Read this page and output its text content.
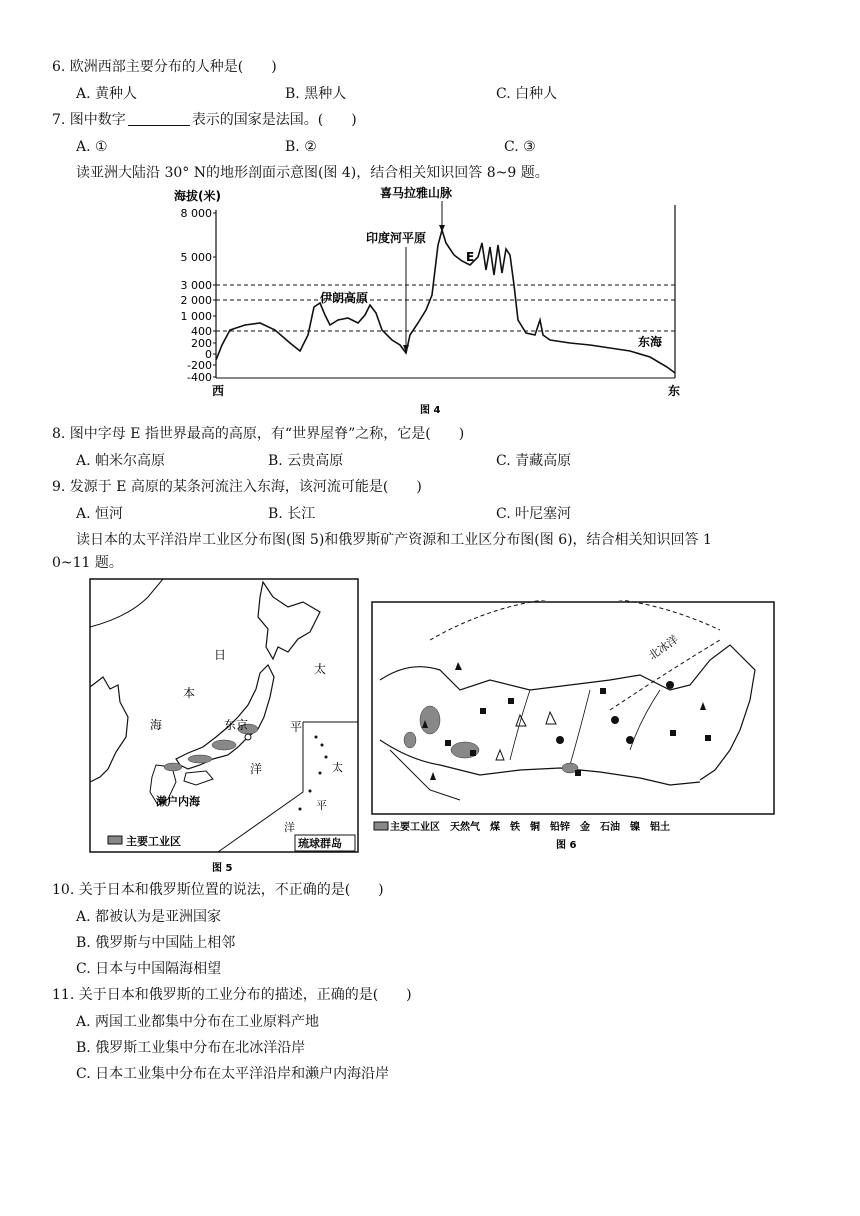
6. 欧洲西部主要分布的人种是(　　)
A. 黄种人	B. 黑种人	C. 白种人
7. 图中数字	表示的国家是法国。(　　)
A. ①	B. ②	C. ③
读亚洲大陆沿 30° N的地形剖面示意图(图 4)，结合相关知识回答 8~9 题。
海拔(米)
8 000
5 000
3 000
2 000
1 000
400
200
0
-200
-400
喜马拉雅山脉
印度河平原
伊朗高原
E
东海
西	东
图 4
8. 图中字母 E 指世界最高的高原，有“世界屋脊”之称，它是(　　)
A. 帕米尔高原	B. 云贵高原	C. 青藏高原
9. 发源于 E 高原的某条河流注入东海，该河流可能是(　　)
A. 恒河	B. 长江	C. 叶尼塞河
读日本的太平洋沿岸工业区分布图(图 5)和俄罗斯矿产资源和工业区分布图(图 6)，结合相关知识回答 1
0~11 题。
东京
日
本
海
太
平
洋
濑户内海
主要工业区	琉球群岛
太
平
洋
图 5
北冰洋
主要工业区　天然气　煤　铁　铜　铅锌　金　石油　镍　铝土
图 6
10. 关于日本和俄罗斯位置的说法，不正确的是(　　)
A. 都被认为是亚洲国家
B. 俄罗斯与中国陆上相邻
C. 日本与中国隔海相望
11. 关于日本和俄罗斯的工业分布的描述，正确的是(　　)
A. 两国工业都集中分布在工业原料产地
B. 俄罗斯工业集中分布在北冰洋沿岸
C. 日本工业集中分布在太平洋沿岸和濑户内海沿岸
